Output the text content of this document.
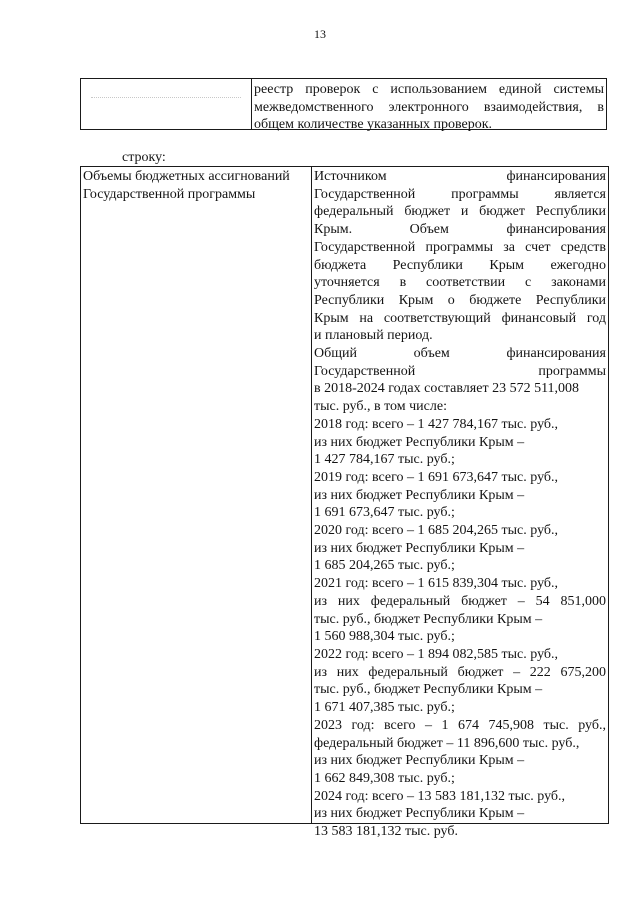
13
реестр проверок с использованием единой системы
межведомственного электронного взаимодействия, в
общем количестве указанных проверок.
строку:
Объемы бюджетных ассигнований
Государственной программы
Источником финансирования
Государственной программы является
федеральный бюджет и бюджет Республики
Крым. Объем финансирования
Государственной программы за счет средств
бюджета Республики Крым ежегодно
уточняется в соответствии с законами
Республики Крым о бюджете Республики
Крым на соответствующий финансовый год
и плановый период.
Общий объем финансирования
Государственной программы
в 2018-2024 годах составляет 23 572 511,008
тыс. руб., в том числе:
2018 год: всего – 1 427 784,167 тыс. руб.,
из них бюджет Республики Крым –
1 427 784,167 тыс. руб.;
2019 год: всего – 1 691 673,647 тыс. руб.,
из них бюджет Республики Крым –
1 691 673,647 тыс. руб.;
2020 год: всего – 1 685 204,265 тыс. руб.,
из них бюджет Республики Крым –
1 685 204,265 тыс. руб.;
2021 год: всего – 1 615 839,304 тыс. руб.,
из них федеральный бюджет – 54 851,000
тыс. руб., бюджет Республики Крым –
1 560 988,304 тыс. руб.;
2022 год: всего – 1 894 082,585 тыс. руб.,
из них федеральный бюджет – 222 675,200
тыс. руб., бюджет Республики Крым –
1 671 407,385 тыс. руб.;
2023 год: всего – 1 674 745,908 тыс. руб.,
федеральный бюджет – 11 896,600 тыс. руб.,
из них бюджет Республики Крым –
1 662 849,308 тыс. руб.;
2024 год: всего – 13 583 181,132 тыс. руб.,
из них бюджет Республики Крым –
13 583 181,132 тыс. руб.
